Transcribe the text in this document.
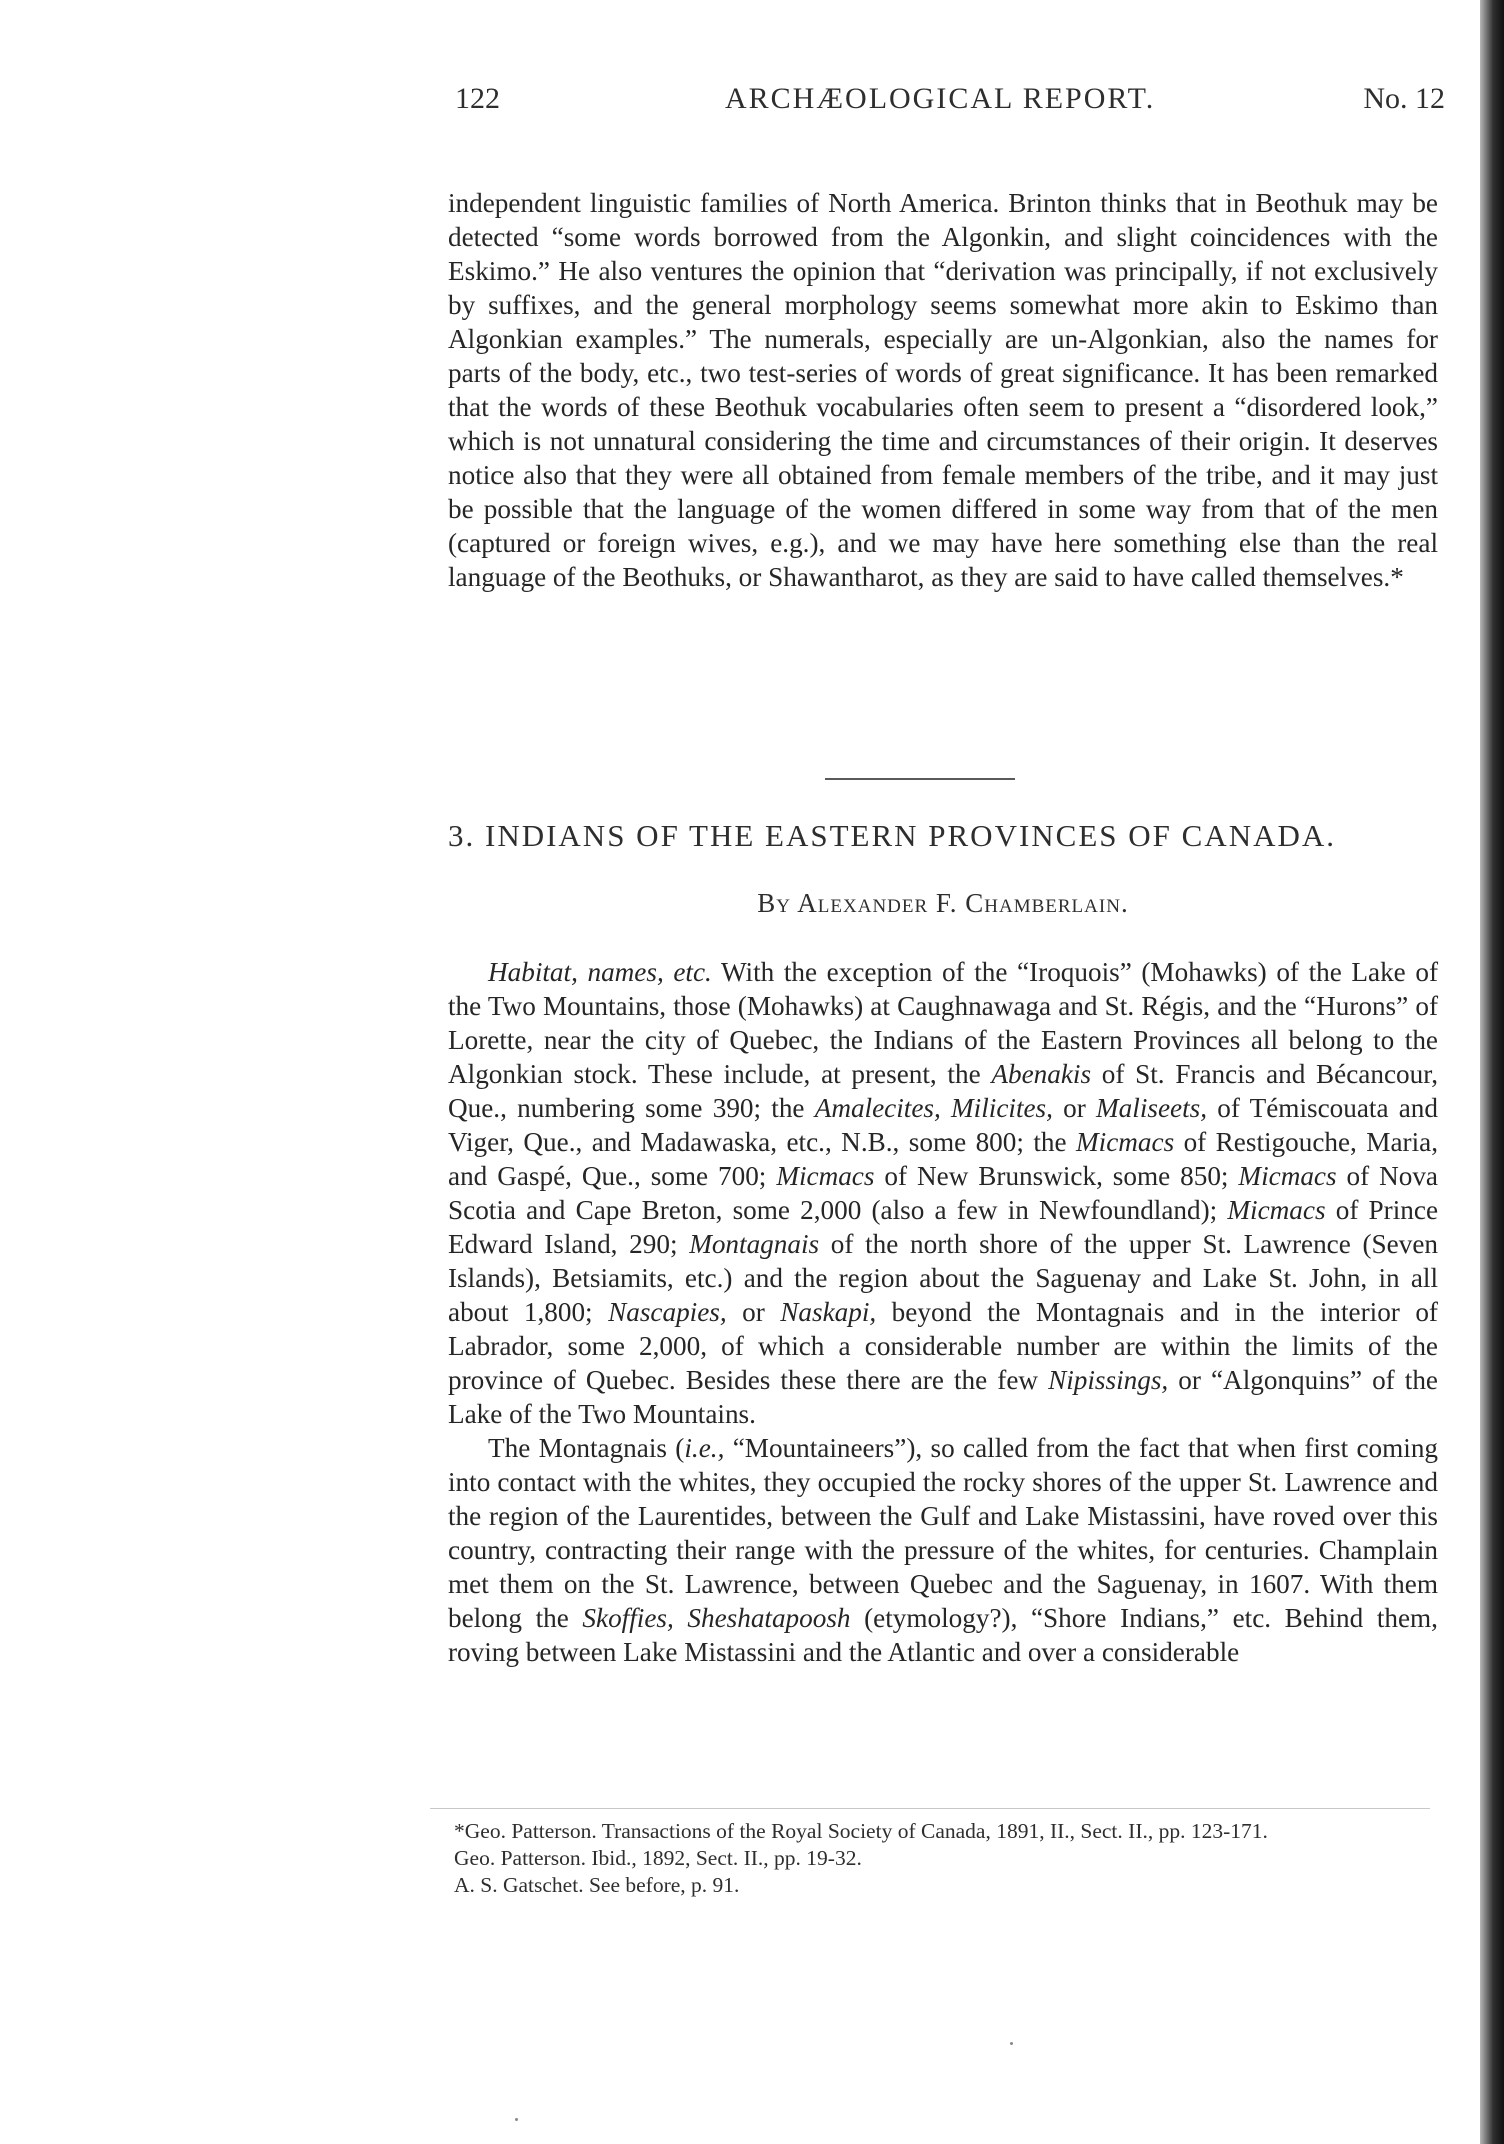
122	ARCHÆOLOGICAL REPORT.	No. 12

independent linguistic families of North America. Brinton thinks that in Beothuk may be detected “some words borrowed from the Algonkin, and slight coincidences with the Eskimo.” He also ventures the opinion that “derivation was principally, if not exclusively by suffixes, and the general morphology seems somewhat more akin to Eskimo than Algonkian examples.” The numerals, especially are un-Algonkian, also the names for parts of the body, etc., two test-series of words of great significance. It has been remarked that the words of these Beothuk vocabularies often seem to present a “disordered look,” which is not unnatural considering the time and circumstances of their origin. It deserves notice also that they were all obtained from female members of the tribe, and it may just be possible that the language of the women differed in some way from that of the men (captured or foreign wives, e.g.), and we may have here something else than the real language of the Beothuks, or Shawantharot, as they are said to have called themselves.*

3. INDIANS OF THE EASTERN PROVINCES OF CANADA.
By Alexander F. Chamberlain.

Habitat, names, etc. With the exception of the “Iroquois” (Mohawks) of the Lake of the Two Mountains, those (Mohawks) at Caughnawaga and St. Régis, and the “Hurons” of Lorette, near the city of Quebec, the Indians of the Eastern Provinces all belong to the Algonkian stock. These include, at present, the Abenakis of St. Francis and Bécancour, Que., numbering some 390; the Amalecites, Milicites, or Maliseets, of Témiscouata and Viger, Que., and Madawaska, etc., N.B., some 800; the Micmacs of Restigouche, Maria, and Gaspé, Que., some 700; Micmacs of New Brunswick, some 850; Micmacs of Nova Scotia and Cape Breton, some 2,000 (also a few in Newfoundland); Micmacs of Prince Edward Island, 290; Montagnais of the north shore of the upper St. Lawrence (Seven Islands), Betsiamits, etc.) and the region about the Saguenay and Lake St. John, in all about 1,800; Nascapies, or Naskapi, beyond the Montagnais and in the interior of Labrador, some 2,000, of which a considerable number are within the limits of the province of Quebec. Besides these there are the few Nipissings, or “Algonquins” of the Lake of the Two Mountains.

The Montagnais (i.e., “Mountaineers”), so called from the fact that when first coming into contact with the whites, they occupied the rocky shores of the upper St. Lawrence and the region of the Laurentides, between the Gulf and Lake Mistassini, have roved over this country, contracting their range with the pressure of the whites, for centuries. Champlain met them on the St. Lawrence, between Quebec and the Saguenay, in 1607. With them belong the Skoffies, Sheshatapoosh (etymology?), “Shore Indians,” etc. Behind them, roving between Lake Mistassini and the Atlantic and over a considerable

*Geo. Patterson. Transactions of the Royal Society of Canada, 1891, II., Sect. II., pp. 123-171.
Geo. Patterson. Ibid., 1892, Sect. II., pp. 19-32.
A. S. Gatschet. See before, p. 91.
